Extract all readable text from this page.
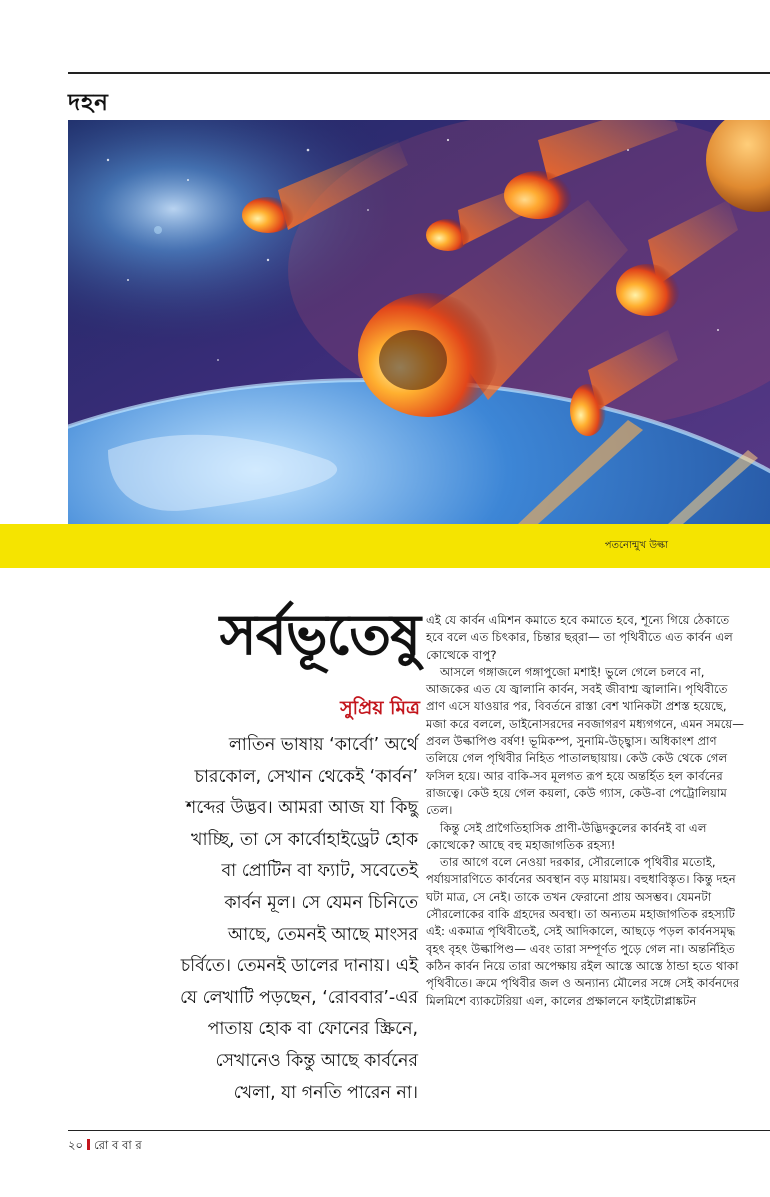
দহন
পতনোন্মুখ উল্কা
সর্বভূতেষু
সুপ্রিয় মিত্র

লাতিন ভাষায় ‘কার্বো’ অর্থে চারকোল, সেখান থেকেই ‘কার্বন’ শব্দের উদ্ভব। আমরা আজ যা কিছু খাচ্ছি, তা সে কার্বোহাইড্রেট হোক বা প্রোটিন বা ফ্যাট, সবেতেই কার্বন মূল। সে যেমন চিনিতে আছে, তেমনই আছে মাংসর চর্বিতে। তেমনই ডালের দানায়। এই যে লেখাটি পড়ছেন, ‘রোববার’-এর পাতায় হোক বা ফোনের স্ক্রিনে, সেখানেও কিন্তু আছে কার্বনের খেলা, যা গনতি পারেন না।

এই যে কার্বন এমিশন কমাতে হবে কমাতে হবে, শূন্যে গিয়ে ঠেকাতে হবে বলে এত চিৎকার, চিন্তার ছর্‌রা— তা পৃথিবীতে এত কার্বন এল কোত্থেকে বাপু?

আসলে গঙ্গাজলে গঙ্গাপুজো মশাই! ভুলে গেলে চলবে না, আজকের এত যে জ্বালানি কার্বন, সবই জীবাশ্ম জ্বালানি। পৃথিবীতে প্রাণ এসে যাওয়ার পর, বিবর্তনে রাস্তা বেশ খানিকটা প্রশস্ত হয়েছে, মজা করে বললে, ডাইনোসরদের নবজাগরণ মধ্যগগনে, এমন সময়ে— প্রবল উল্কাপিণ্ড বর্ষণ! ভূমিকম্প, সুনামি-উচ্ছ্বাস। অধিকাংশ প্রাণ তলিয়ে গেল পৃথিবীর নিহিত পাতালছায়ায়। কেউ কেউ থেকে গেল ফসিল হয়ে। আর বাকি-সব মূলগত রূপ হয়ে অন্তর্হিত হল কার্বনের রাজত্বে। কেউ হয়ে গেল কয়লা, কেউ গ্যাস, কেউ-বা পেট্রোলিয়াম তেল।

কিন্তু সেই প্রাগৈতিহাসিক প্রাণী-উদ্ভিদকুলের কার্বনই বা এল কোত্থেকে? আছে বহু মহাজাগতিক রহস্য!

তার আগে বলে নেওয়া দরকার, সৌরলোকে পৃথিবীর মতোই, পর্যায়সারণিতে কার্বনের অবস্থান বড় মায়াময়। বহুধাবিস্তৃত। কিন্তু দহন ঘটা মাত্র, সে নেই। তাকে তখন ফেরানো প্রায় অসম্ভব। যেমনটা সৌরলোকের বাকি গ্রহদের অবস্থা। তা অন্যতম মহাজাগতিক রহস্যটি এই: একমাত্র পৃথিবীতেই, সেই আদিকালে, আছড়ে পড়ল কার্বনসমৃদ্ধ বৃহৎ বৃহৎ উল্কাপিণ্ড— এবং তারা সম্পূর্ণত পুড়ে গেল না। অন্তর্নিহিত কঠিন কার্বন নিয়ে তারা অপেক্ষায় রইল আস্তে আস্তে ঠান্ডা হতে থাকা পৃথিবীতে। ক্রমে পৃথিবীর জল ও অন্যান্য মৌলের সঙ্গে সেই কার্বনদের মিলমিশে ব্যাকটেরিয়া এল, কালের প্রক্ষালনে ফাইটোপ্লাঙ্কটন

২০ রো ব বা র
